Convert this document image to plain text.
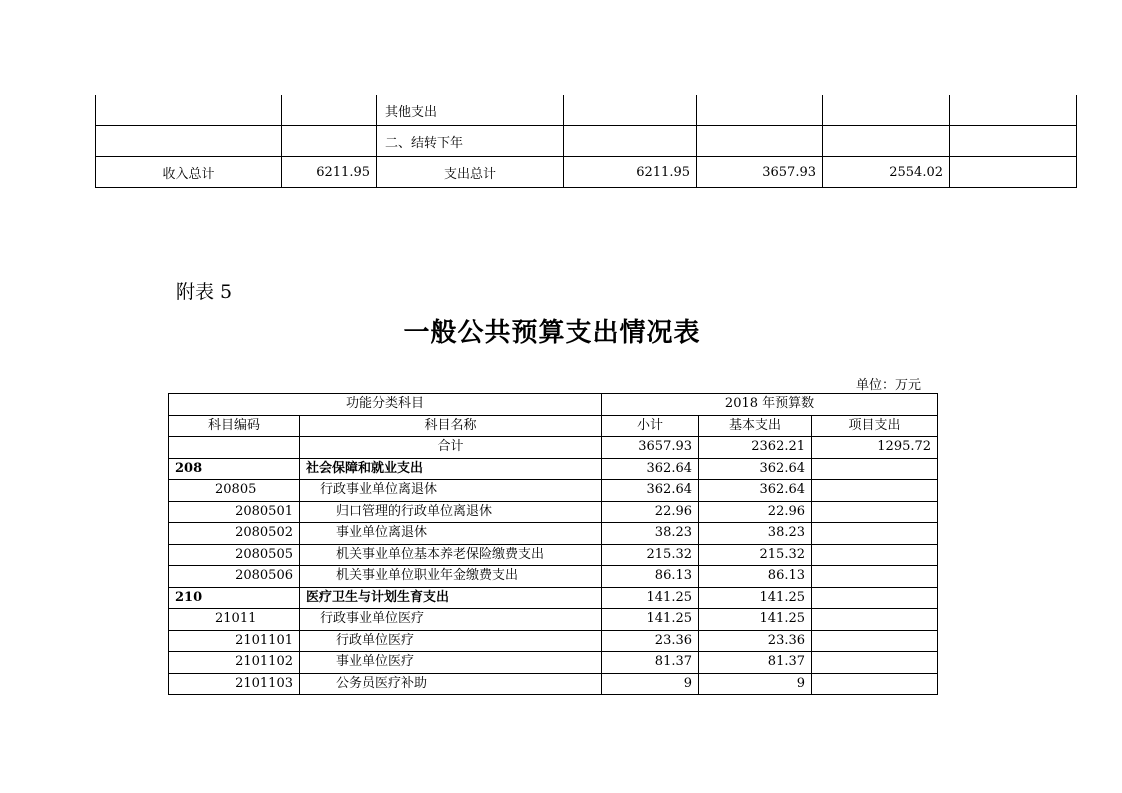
		其他支出				
		二、结转下年				
收入总计	6211.95	支出总计	6211.95	3657.93	2554.02	
附表 5
一般公共预算支出情况表
单位：万元
功能分类科目		2018 年预算数		
科目编码	科目名称	小计	基本支出	项目支出
	合计	3657.93	2362.21	1295.72
208	社会保障和就业支出	362.64	362.64	
20805	行政事业单位离退休	362.64	362.64	
2080501	归口管理的行政单位离退休	22.96	22.96	
2080502	事业单位离退休	38.23	38.23	
2080505	机关事业单位基本养老保险缴费支出	215.32	215.32	
2080506	机关事业单位职业年金缴费支出	86.13	86.13	
210	医疗卫生与计划生育支出	141.25	141.25	
21011	行政事业单位医疗	141.25	141.25	
2101101	行政单位医疗	23.36	23.36	
2101102	事业单位医疗	81.37	81.37	
2101103	公务员医疗补助	9	9	
